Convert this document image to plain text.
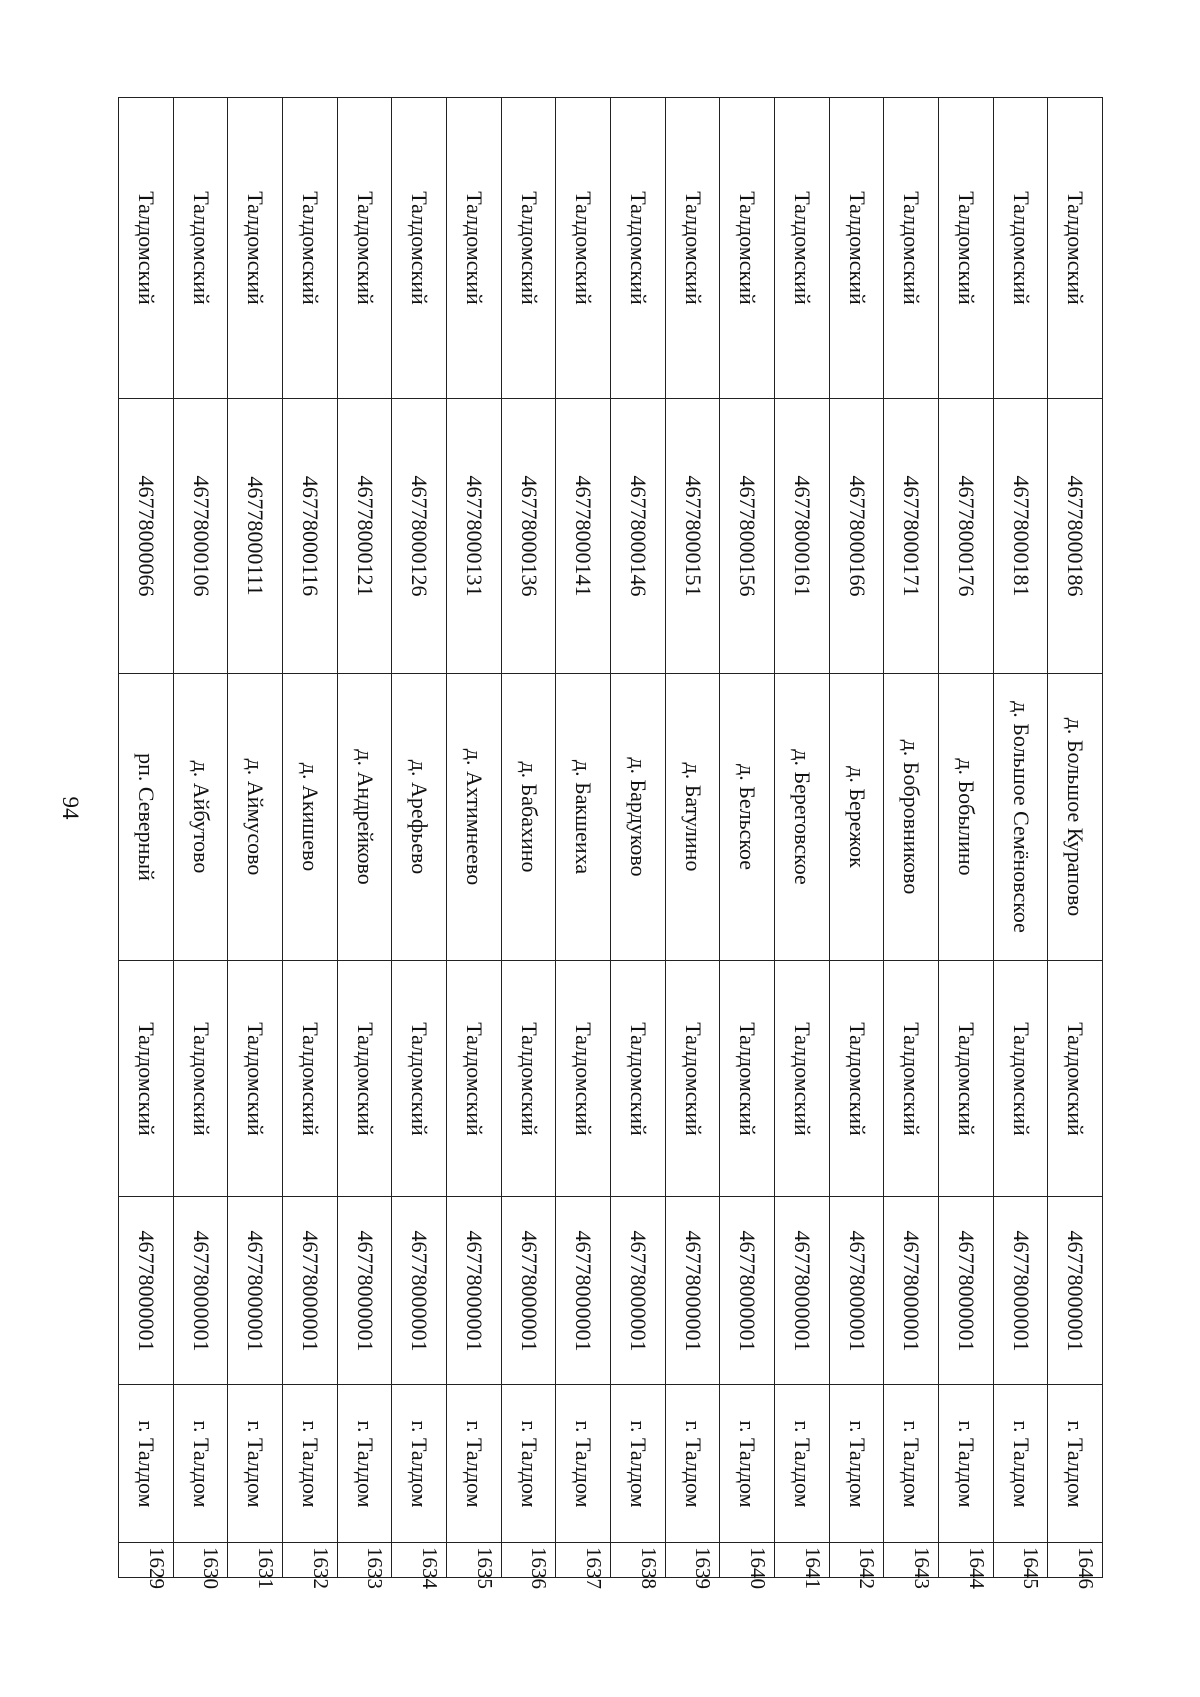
94
Талдомский
46778000066
рп. Северный
Талдомский
46778000001
г. Талдом
1629
Талдомский
46778000106
д. Айбутово
Талдомский
46778000001
г. Талдом
1630
Талдомский
46778000111
д. Аймусово
Талдомский
46778000001
г. Талдом
1631
Талдомский
46778000116
д. Акишево
Талдомский
46778000001
г. Талдом
1632
Талдомский
46778000121
д. Андрейково
Талдомский
46778000001
г. Талдом
1633
Талдомский
46778000126
д. Арефьево
Талдомский
46778000001
г. Талдом
1634
Талдомский
46778000131
д. Ахтимнеево
Талдомский
46778000001
г. Талдом
1635
Талдомский
46778000136
д. Бабахино
Талдомский
46778000001
г. Талдом
1636
Талдомский
46778000141
д. Бакшеиха
Талдомский
46778000001
г. Талдом
1637
Талдомский
46778000146
д. Бардуково
Талдомский
46778000001
г. Талдом
1638
Талдомский
46778000151
д. Батулино
Талдомский
46778000001
г. Талдом
1639
Талдомский
46778000156
д. Бельское
Талдомский
46778000001
г. Талдом
1640
Талдомский
46778000161
д. Береговское
Талдомский
46778000001
г. Талдом
1641
Талдомский
46778000166
д. Бережок
Талдомский
46778000001
г. Талдом
1642
Талдомский
46778000171
д. Бобровниково
Талдомский
46778000001
г. Талдом
1643
Талдомский
46778000176
д. Бобылино
Талдомский
46778000001
г. Талдом
1644
Талдомский
46778000181
д. Большое Семёновское
Талдомский
46778000001
г. Талдом
1645
Талдомский
46778000186
д. Большое Курапово
Талдомский
46778000001
г. Талдом
1646
